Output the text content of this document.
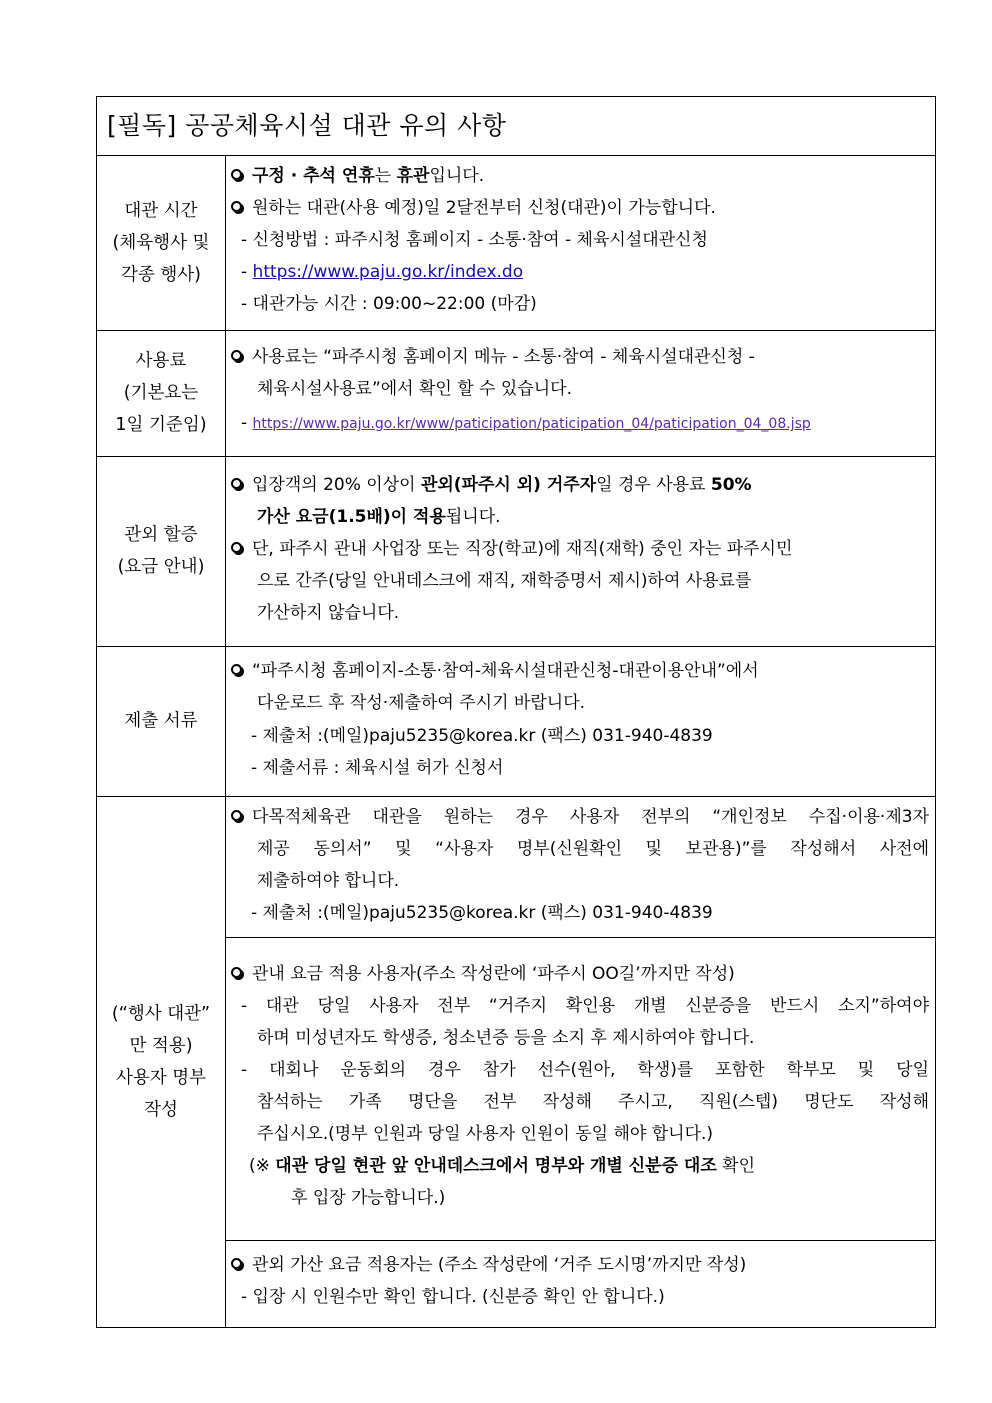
[필독] 공공체육시설 대관 유의 사항
대관 시간
(체육행사 및
각종 행사)
구정 · 추석 연휴는 휴관입니다.
원하는 대관(사용 예정)일 2달전부터 신청(대관)이 가능합니다.
- 신청방법 : 파주시청 홈페이지 - 소통·참여 - 체육시설대관신청
- https://www.paju.go.kr/index.do
- 대관가능 시간 : 09:00~22:00 (마감)
사용료
(기본요는
1일 기준임)
사용료는 “파주시청 홈페이지 메뉴 - 소통·참여 - 체육시설대관신청 -
체육시설사용료”에서 확인 할 수 있습니다.
- https://www.paju.go.kr/www/paticipation/paticipation_04/paticipation_04_08.jsp
관외 할증
(요금 안내)
입장객의 20% 이상이 관외(파주시 외) 거주자일 경우 사용료 50%
가산 요금(1.5배)이 적용됩니다.
단, 파주시 관내 사업장 또는 직장(학교)에 재직(재학) 중인 자는 파주시민
으로 간주(당일 안내데스크에 재직, 재학증명서 제시)하여 사용료를
가산하지 않습니다.
제출 서류
“파주시청 홈페이지-소통·참여-체육시설대관신청-대관이용안내”에서
다운로드 후 작성·제출하여 주시기 바랍니다.
- 제출처 :(메일)paju5235@korea.kr (팩스) 031-940-4839
- 제출서류 : 체육시설 허가 신청서
(“행사 대관”
만 적용)
사용자 명부
작성
다목적체육관 대관을 원하는 경우 사용자 전부의 “개인정보 수집·이용·제3자
제공 동의서” 및 “사용자 명부(신원확인 및 보관용)”를 작성해서 사전에
제출하여야 합니다.
- 제출처 :(메일)paju5235@korea.kr (팩스) 031-940-4839
관내 요금 적용 사용자(주소 작성란에 ‘파주시 OO길’까지만 작성)
- 대관 당일 사용자 전부 “거주지 확인용 개별 신분증을 반드시 소지”하여야
하며 미성년자도 학생증, 청소년증 등을 소지 후 제시하여야 합니다.
- 대회나 운동회의 경우 참가 선수(원아, 학생)를 포함한 학부모 및 당일
참석하는 가족 명단을 전부 작성해 주시고, 직원(스텝) 명단도 작성해
주십시오.(명부 인원과 당일 사용자 인원이 동일 해야 합니다.)
(※ 대관 당일 현관 앞 안내데스크에서 명부와 개별 신분증 대조 확인
후 입장 가능합니다.)
관외 가산 요금 적용자는 (주소 작성란에 ‘거주 도시명’까지만 작성)
- 입장 시 인원수만 확인 합니다. (신분증 확인 안 합니다.)
